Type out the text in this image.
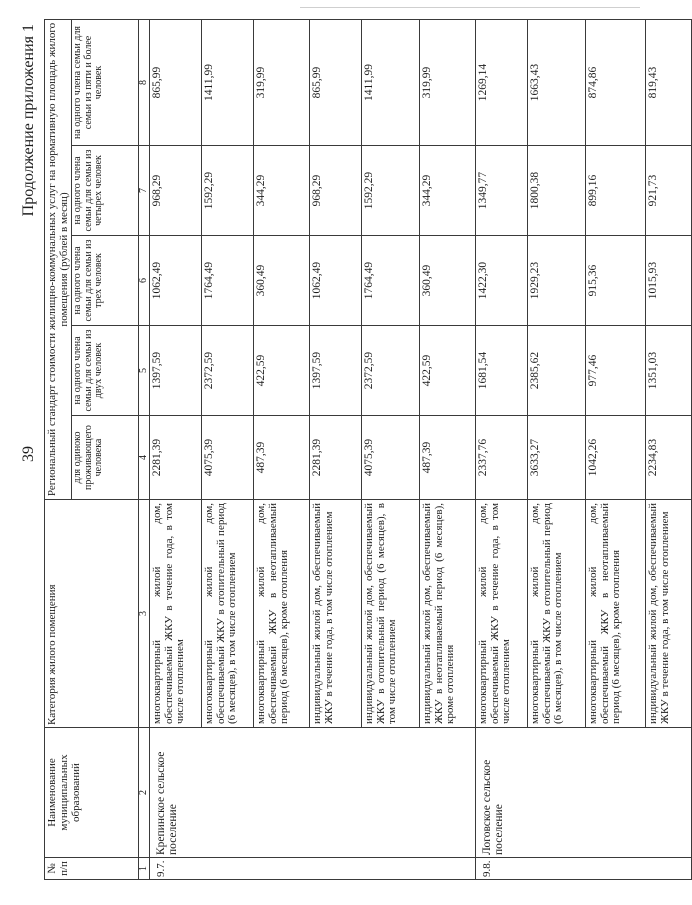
39
Продолжение приложения 1
№ п/п	Наименование муниципальных образований	Категория жилого помещения	Региональный стандарт стоимости жилищно-коммунальных услуг на нормативную площадь жилого помещения (рублей в месяц)				
			для одиноко проживающего человека	на одного члена семьи для семьи из двух человек	на одного члена семьи для семьи из трех человек	на одного члена семьи для семьи из четырех человек	на одного члена семьи для семьи из пяти и более человек
1	2	3	4	5	6	7	8
9.7.	Крепинское сельское поселение	многоквартирный жилой дом, обеспечиваемый ЖКУ в течение года, в том числе отоплением	2281,39	1397,59	1062,49	968,29	865,99
		многоквартирный жилой дом, обеспечиваемый ЖКУ в отопительный период (6 месяцев), в том числе отоплением	4075,39	2372,59	1764,49	1592,29	1411,99
		многоквартирный жилой дом, обеспечиваемый ЖКУ в неотапливаемый период (6 месяцев), кроме отопления	487,39	422,59	360,49	344,29	319,99
		индивидуальный жилой дом, обеспечиваемый ЖКУ в течение года, в том числе отоплением	2281,39	1397,59	1062,49	968,29	865,99
		индивидуальный жилой дом, обеспечиваемый ЖКУ в отопительный период (6 месяцев), в том числе отоплением	4075,39	2372,59	1764,49	1592,29	1411,99
		индивидуальный жилой дом, обеспечиваемый ЖКУ в неотапливаемый период (6 месяцев), кроме отопления	487,39	422,59	360,49	344,29	319,99
9.8.	Логовское сельское поселение	многоквартирный жилой дом, обеспечиваемый ЖКУ в течение года, в том числе отоплением	2337,76	1681,54	1422,30	1349,77	1269,14
		многоквартирный жилой дом, обеспечиваемый ЖКУ в отопительный период (6 месяцев), в том числе отоплением	3633,27	2385,62	1929,23	1800,38	1663,43
		многоквартирный жилой дом, обеспечиваемый ЖКУ в неотапливаемый период (6 месяцев), кроме отопления	1042,26	977,46	915,36	899,16	874,86
		индивидуальный жилой дом, обеспечиваемый ЖКУ в течение года, в том числе отоплением	2234,83	1351,03	1015,93	921,73	819,43
